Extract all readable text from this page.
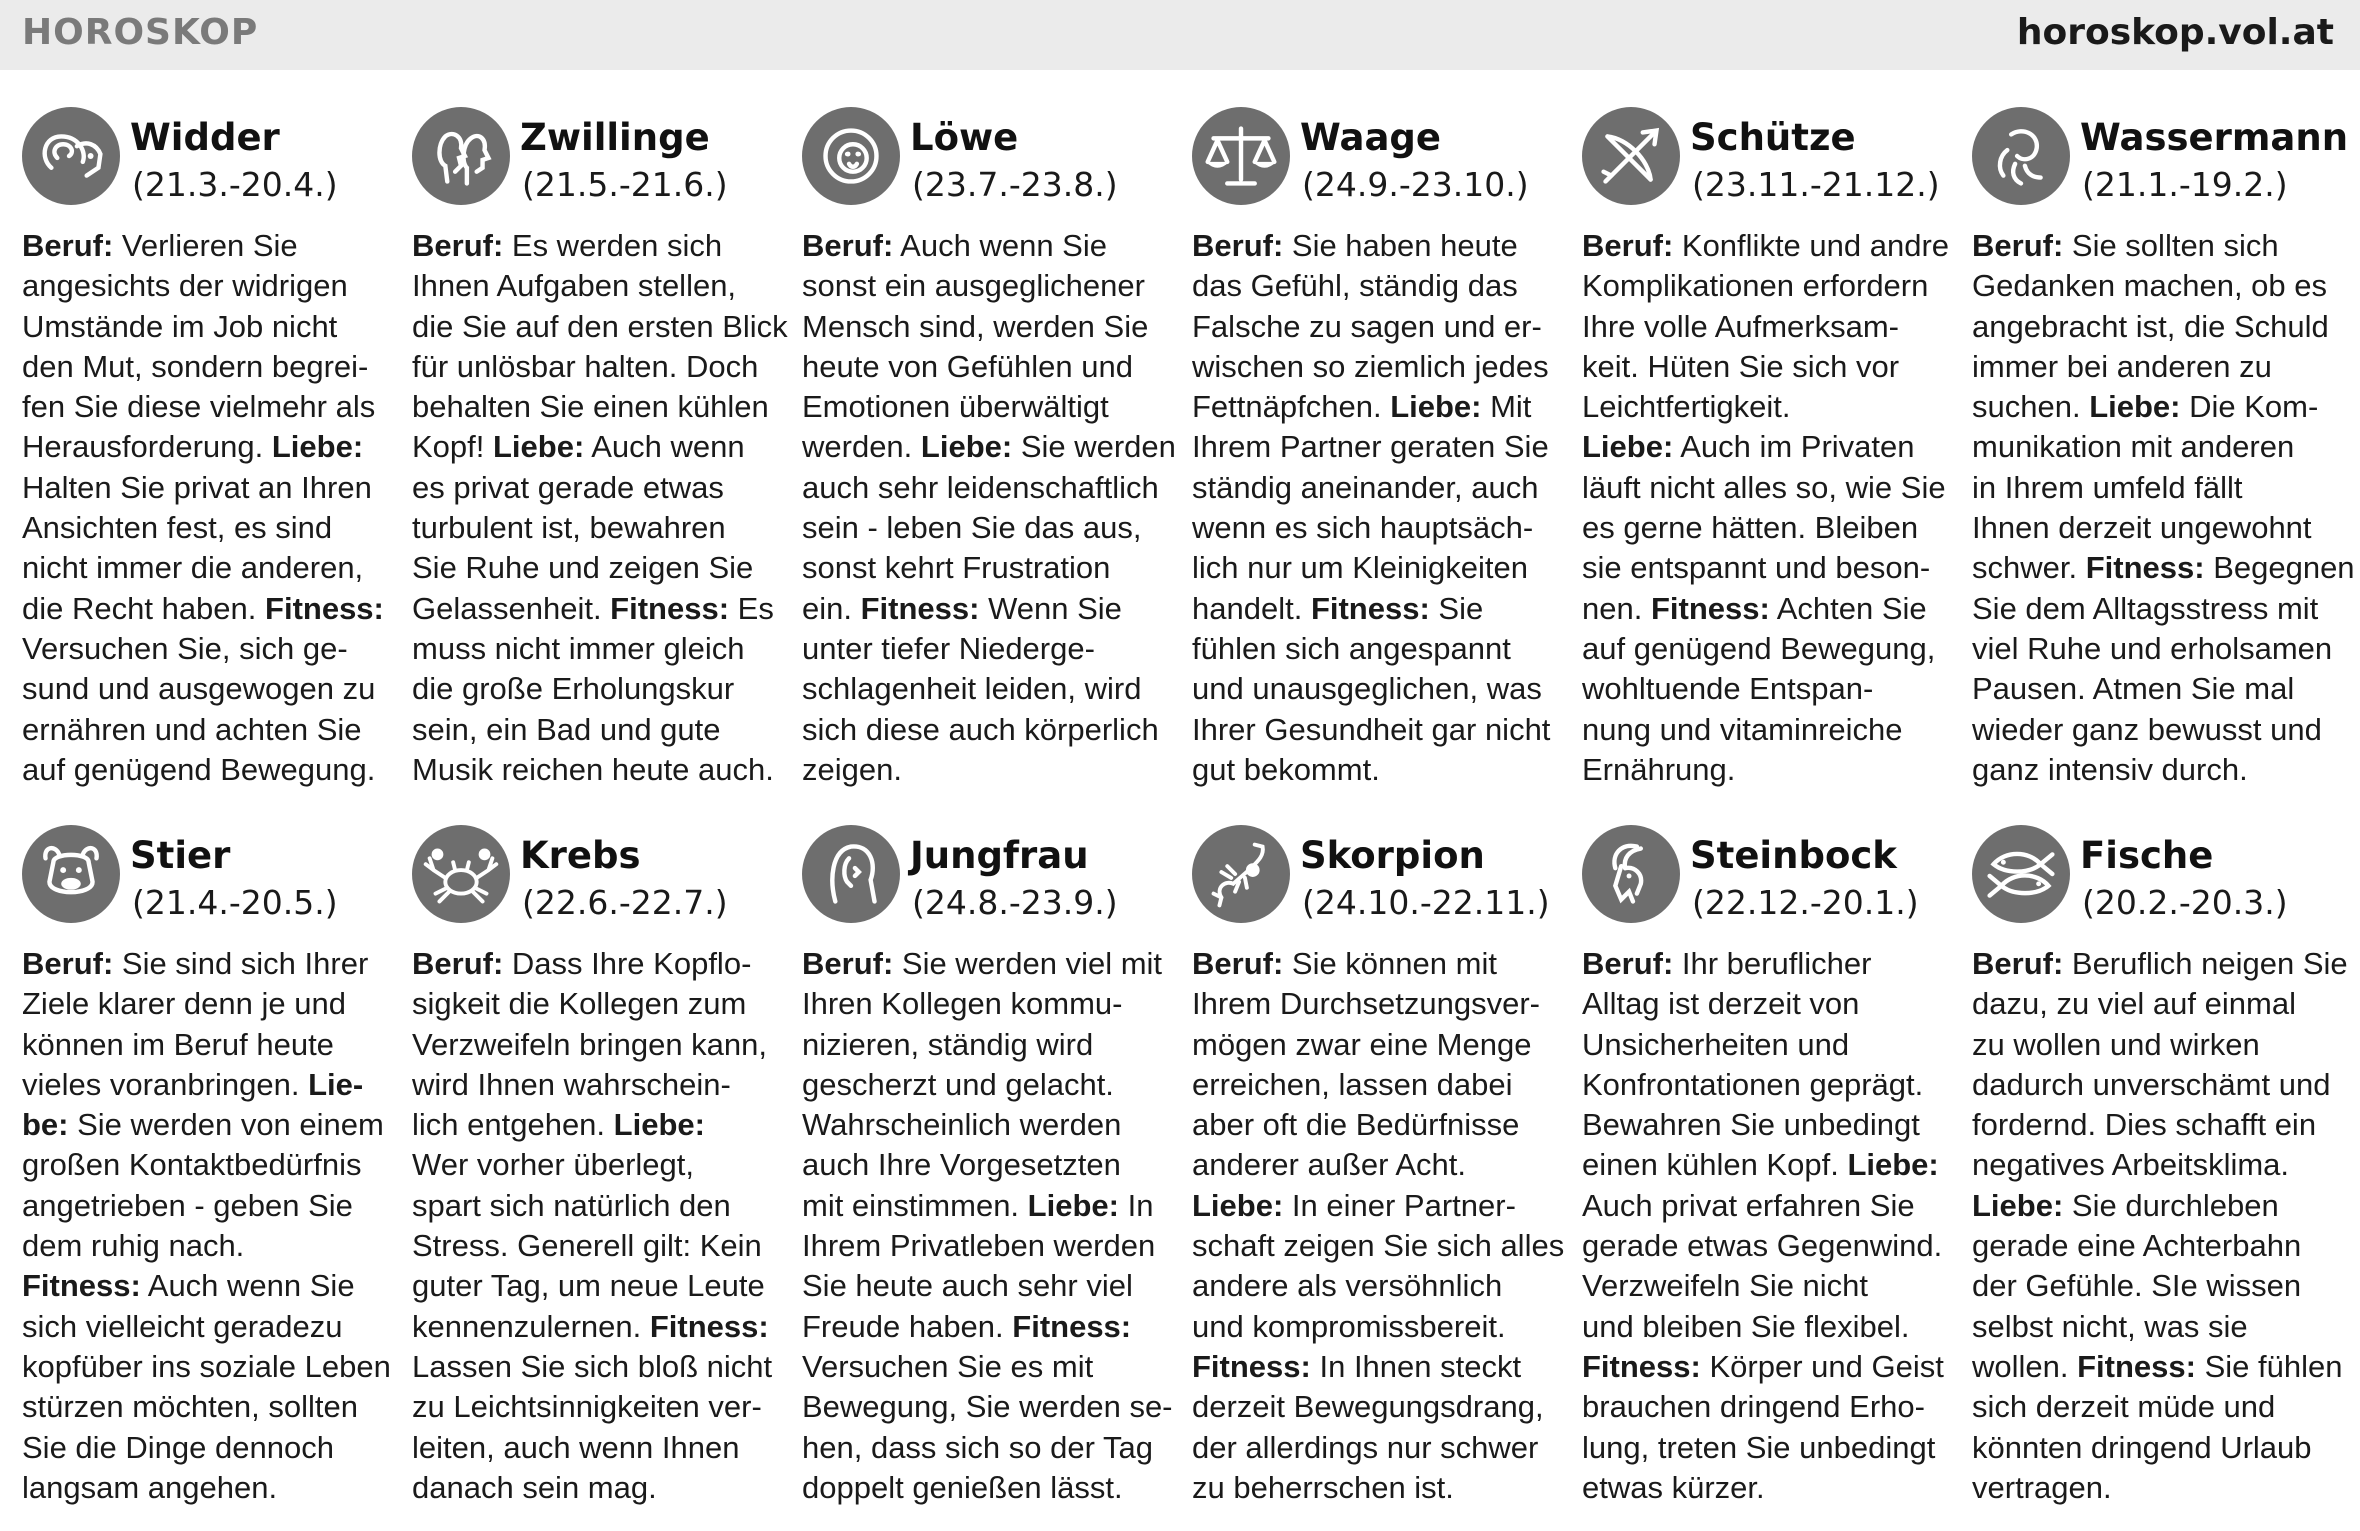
HOROSKOP	horoskop.vol.at
Widder
(21.3.-20.4.)
Beruf: Verlieren Sie
angesichts der widrigen
Umstände im Job nicht
den Mut, sondern begrei-
fen Sie diese vielmehr als
Herausforderung. Liebe:
Halten Sie privat an Ihren
Ansichten fest, es sind
nicht immer die anderen,
die Recht haben. Fitness:
Versuchen Sie, sich ge-
sund und ausgewogen zu
ernähren und achten Sie
auf genügend Bewegung.
Zwillinge
(21.5.-21.6.)
Beruf: Es werden sich
Ihnen Aufgaben stellen,
die Sie auf den ersten Blick
für unlösbar halten. Doch
behalten Sie einen kühlen
Kopf! Liebe: Auch wenn
es privat gerade etwas
turbulent ist, bewahren
Sie Ruhe und zeigen Sie
Gelassenheit. Fitness: Es
muss nicht immer gleich
die große Erholungskur
sein, ein Bad und gute
Musik reichen heute auch.
Löwe
(23.7.-23.8.)
Beruf: Auch wenn Sie
sonst ein ausgeglichener
Mensch sind, werden Sie
heute von Gefühlen und
Emotionen überwältigt
werden. Liebe: Sie werden
auch sehr leidenschaftlich
sein - leben Sie das aus,
sonst kehrt Frustration
ein. Fitness: Wenn Sie
unter tiefer Niederge-
schlagenheit leiden, wird
sich diese auch körperlich
zeigen.
Waage
(24.9.-23.10.)
Beruf: Sie haben heute
das Gefühl, ständig das
Falsche zu sagen und er-
wischen so ziemlich jedes
Fettnäpfchen. Liebe: Mit
Ihrem Partner geraten Sie
ständig aneinander, auch
wenn es sich hauptsäch-
lich nur um Kleinigkeiten
handelt. Fitness: Sie
fühlen sich angespannt
und unausgeglichen, was
Ihrer Gesundheit gar nicht
gut bekommt.
Schütze
(23.11.-21.12.)
Beruf: Konflikte und andre
Komplikationen erfordern
Ihre volle Aufmerksam-
keit. Hüten Sie sich vor
Leichtfertigkeit.
Liebe: Auch im Privaten
läuft nicht alles so, wie Sie
es gerne hätten. Bleiben
sie entspannt und beson-
nen. Fitness: Achten Sie
auf genügend Bewegung,
wohltuende Entspan-
nung und vitaminreiche
Ernährung.
Wassermann
(21.1.-19.2.)
Beruf: Sie sollten sich
Gedanken machen, ob es
angebracht ist, die Schuld
immer bei anderen zu
suchen. Liebe: Die Kom-
munikation mit anderen
in Ihrem umfeld fällt
Ihnen derzeit ungewohnt
schwer. Fitness: Begegnen
Sie dem Alltagsstress mit
viel Ruhe und erholsamen
Pausen. Atmen Sie mal
wieder ganz bewusst und
ganz intensiv durch.
Stier
(21.4.-20.5.)
Beruf: Sie sind sich Ihrer
Ziele klarer denn je und
können im Beruf heute
vieles voranbringen. Lie-
be: Sie werden von einem
großen Kontaktbedürfnis
angetrieben - geben Sie
dem ruhig nach.
Fitness: Auch wenn Sie
sich vielleicht geradezu
kopfüber ins soziale Leben
stürzen möchten, sollten
Sie die Dinge dennoch
langsam angehen.
Krebs
(22.6.-22.7.)
Beruf: Dass Ihre Kopflo-
sigkeit die Kollegen zum
Verzweifeln bringen kann,
wird Ihnen wahrschein-
lich entgehen. Liebe:
Wer vorher überlegt,
spart sich natürlich den
Stress. Generell gilt: Kein
guter Tag, um neue Leute
kennenzulernen. Fitness:
Lassen Sie sich bloß nicht
zu Leichtsinnigkeiten ver-
leiten, auch wenn Ihnen
danach sein mag.
Jungfrau
(24.8.-23.9.)
Beruf: Sie werden viel mit
Ihren Kollegen kommu-
nizieren, ständig wird
gescherzt und gelacht.
Wahrscheinlich werden
auch Ihre Vorgesetzten
mit einstimmen. Liebe: In
Ihrem Privatleben werden
Sie heute auch sehr viel
Freude haben. Fitness:
Versuchen Sie es mit
Bewegung, Sie werden se-
hen, dass sich so der Tag
doppelt genießen lässt.
Skorpion
(24.10.-22.11.)
Beruf: Sie können mit
Ihrem Durchsetzungsver-
mögen zwar eine Menge
erreichen, lassen dabei
aber oft die Bedürfnisse
anderer außer Acht.
Liebe: In einer Partner-
schaft zeigen Sie sich alles
andere als versöhnlich
und kompromissbereit.
Fitness: In Ihnen steckt
derzeit Bewegungsdrang,
der allerdings nur schwer
zu beherrschen ist.
Steinbock
(22.12.-20.1.)
Beruf: Ihr beruflicher
Alltag ist derzeit von
Unsicherheiten und
Konfrontationen geprägt.
Bewahren Sie unbedingt
einen kühlen Kopf. Liebe:
Auch privat erfahren Sie
gerade etwas Gegenwind.
Verzweifeln Sie nicht
und bleiben Sie flexibel.
Fitness: Körper und Geist
brauchen dringend Erho-
lung, treten Sie unbedingt
etwas kürzer.
Fische
(20.2.-20.3.)
Beruf: Beruflich neigen Sie
dazu, zu viel auf einmal
zu wollen und wirken
dadurch unverschämt und
fordernd. Dies schafft ein
negatives Arbeitsklima.
Liebe: Sie durchleben
gerade eine Achterbahn
der Gefühle. SIe wissen
selbst nicht, was sie
wollen. Fitness: Sie fühlen
sich derzeit müde und
könnten dringend Urlaub
vertragen.
